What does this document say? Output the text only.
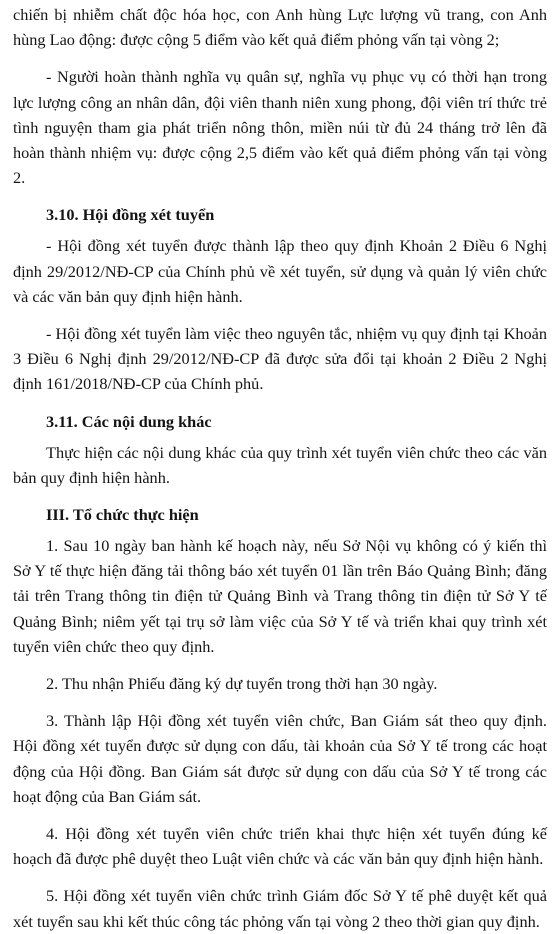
chiến bị nhiễm chất độc hóa học, con Anh hùng Lực lượng vũ trang, con Anh hùng Lao động: được cộng 5 điểm vào kết quả điểm phỏng vấn tại vòng 2;

- Người hoàn thành nghĩa vụ quân sự, nghĩa vụ phục vụ có thời hạn trong lực lượng công an nhân dân, đội viên thanh niên xung phong, đội viên trí thức trẻ tình nguyện tham gia phát triển nông thôn, miền núi từ đủ 24 tháng trở lên đã hoàn thành nhiệm vụ: được cộng 2,5 điểm vào kết quả điểm phỏng vấn tại vòng 2.

3.10. Hội đồng xét tuyển

- Hội đồng xét tuyển được thành lập theo quy định Khoản 2 Điều 6 Nghị định 29/2012/NĐ-CP của Chính phủ về xét tuyển, sử dụng và quản lý viên chức và các văn bản quy định hiện hành.

- Hội đồng xét tuyển làm việc theo nguyên tắc, nhiệm vụ quy định tại Khoản 3 Điều 6 Nghị định 29/2012/NĐ-CP đã được sửa đổi tại khoản 2 Điều 2 Nghị định 161/2018/NĐ-CP của Chính phủ.

3.11. Các nội dung khác

Thực hiện các nội dung khác của quy trình xét tuyển viên chức theo các văn bản quy định hiện hành.

III. Tổ chức thực hiện

1. Sau 10 ngày ban hành kế hoạch này, nếu Sở Nội vụ không có ý kiến thì Sở Y tế thực hiện đăng tải thông báo xét tuyển 01 lần trên Báo Quảng Bình; đăng tải trên Trang thông tin điện tử Quảng Bình và Trang thông tin điện tử Sở Y tế Quảng Bình; niêm yết tại trụ sở làm việc của Sở Y tế và triển khai quy trình xét tuyển viên chức theo quy định.

2. Thu nhận Phiếu đăng ký dự tuyển trong thời hạn 30 ngày.

3. Thành lập Hội đồng xét tuyển viên chức, Ban Giám sát theo quy định. Hội đồng xét tuyển được sử dụng con dấu, tài khoản của Sở Y tế trong các hoạt động của Hội đồng. Ban Giám sát được sử dụng con dấu của Sở Y tế trong các hoạt động của Ban Giám sát.

4. Hội đồng xét tuyển viên chức triển khai thực hiện xét tuyển đúng kế hoạch đã được phê duyệt theo Luật viên chức và các văn bản quy định hiện hành.

5. Hội đồng xét tuyển viên chức trình Giám đốc Sở Y tế phê duyệt kết quả xét tuyển sau khi kết thúc công tác phỏng vấn tại vòng 2 theo thời gian quy định.
